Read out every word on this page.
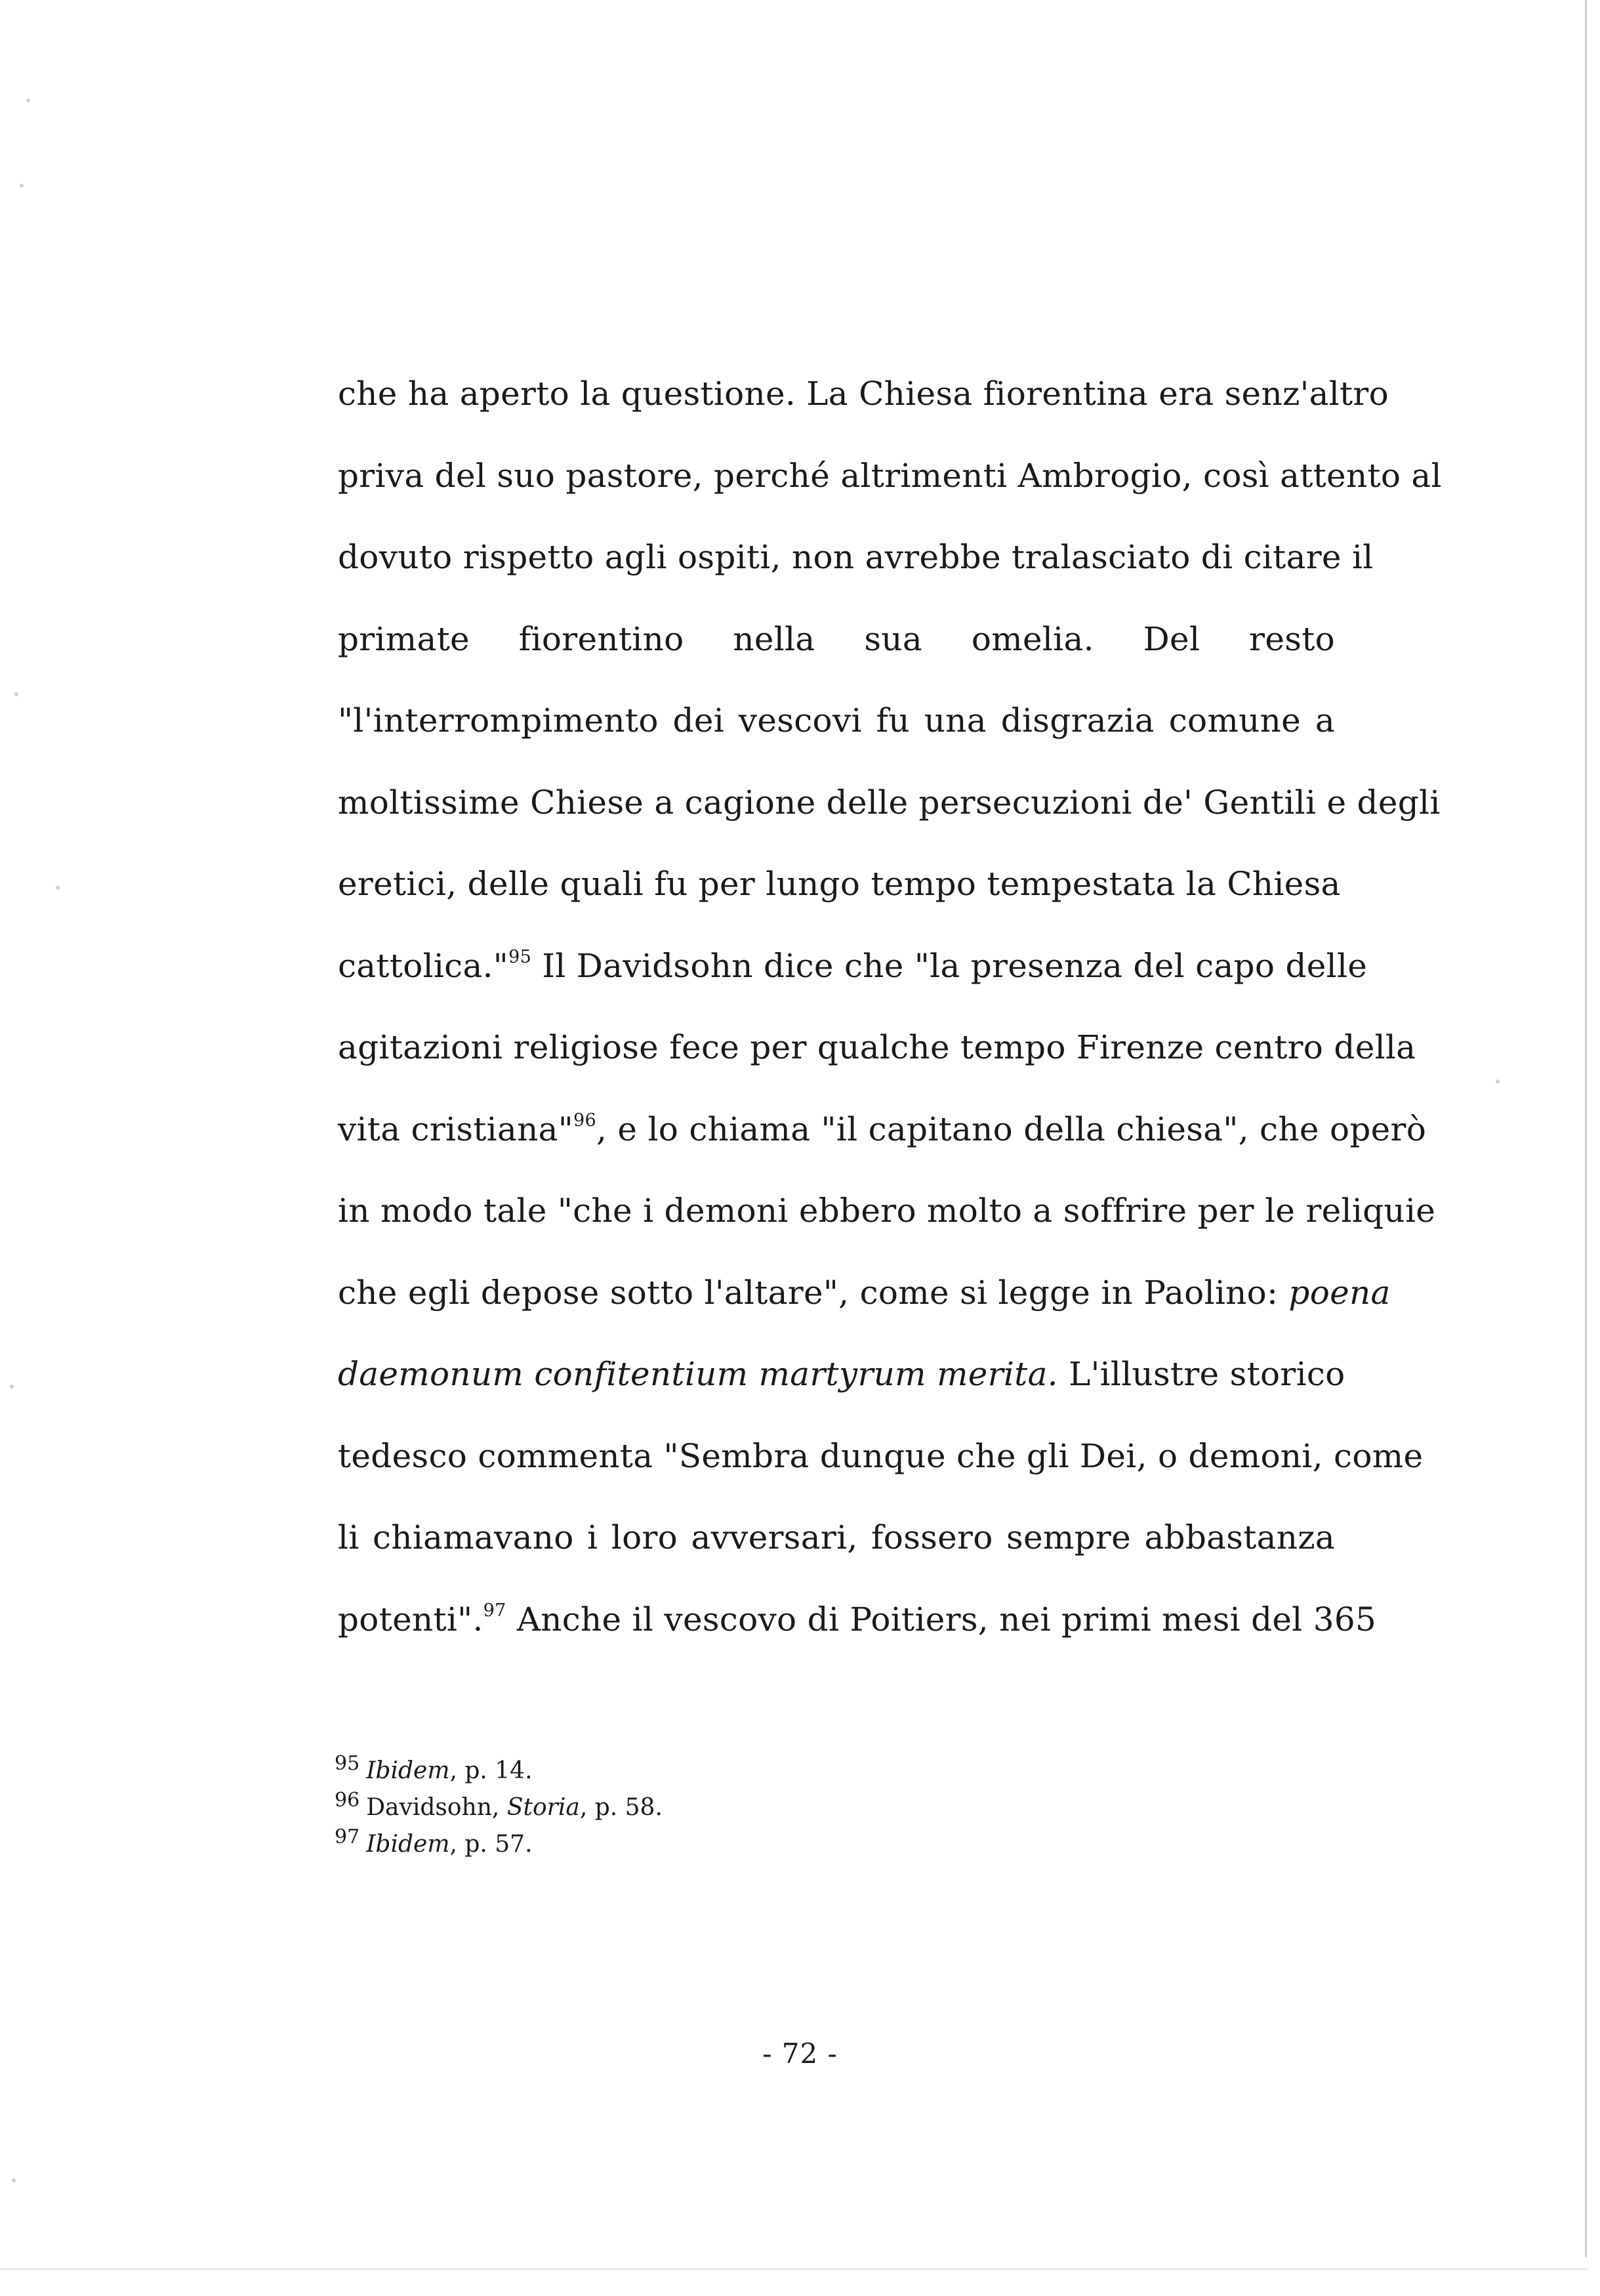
che ha aperto la questione. La Chiesa fiorentina era senz'altro
priva del suo pastore, perché altrimenti Ambrogio, così attento al
dovuto rispetto agli ospiti, non avrebbe tralasciato di citare il
primate fiorentino nella sua omelia. Del resto
"l'interrompimento dei vescovi fu una disgrazia comune a
moltissime Chiese a cagione delle persecuzioni de' Gentili e degli
eretici, delle quali fu per lungo tempo tempestata la Chiesa
cattolica."$^{95}$ Il Davidsohn dice che "la presenza del capo delle
agitazioni religiose fece per qualche tempo Firenze centro della
vita cristiana"$^{96}$, e lo chiama "il capitano della chiesa", che operò
in modo tale "che i demoni ebbero molto a soffrire per le reliquie
che egli depose sotto l'altare", come si legge in Paolino: poena
daemonum confitentium martyrum merita. L'illustre storico
tedesco commenta "Sembra dunque che gli Dei, o demoni, come
li chiamavano i loro avversari, fossero sempre abbastanza
potenti".$^{97}$ Anche il vescovo di Poitiers, nei primi mesi del 365
$^{95}$ Ibidem, p. 14.
$^{96}$ Davidsohn, Storia, p. 58.
$^{97}$ Ibidem, p. 57.
- 72 -
